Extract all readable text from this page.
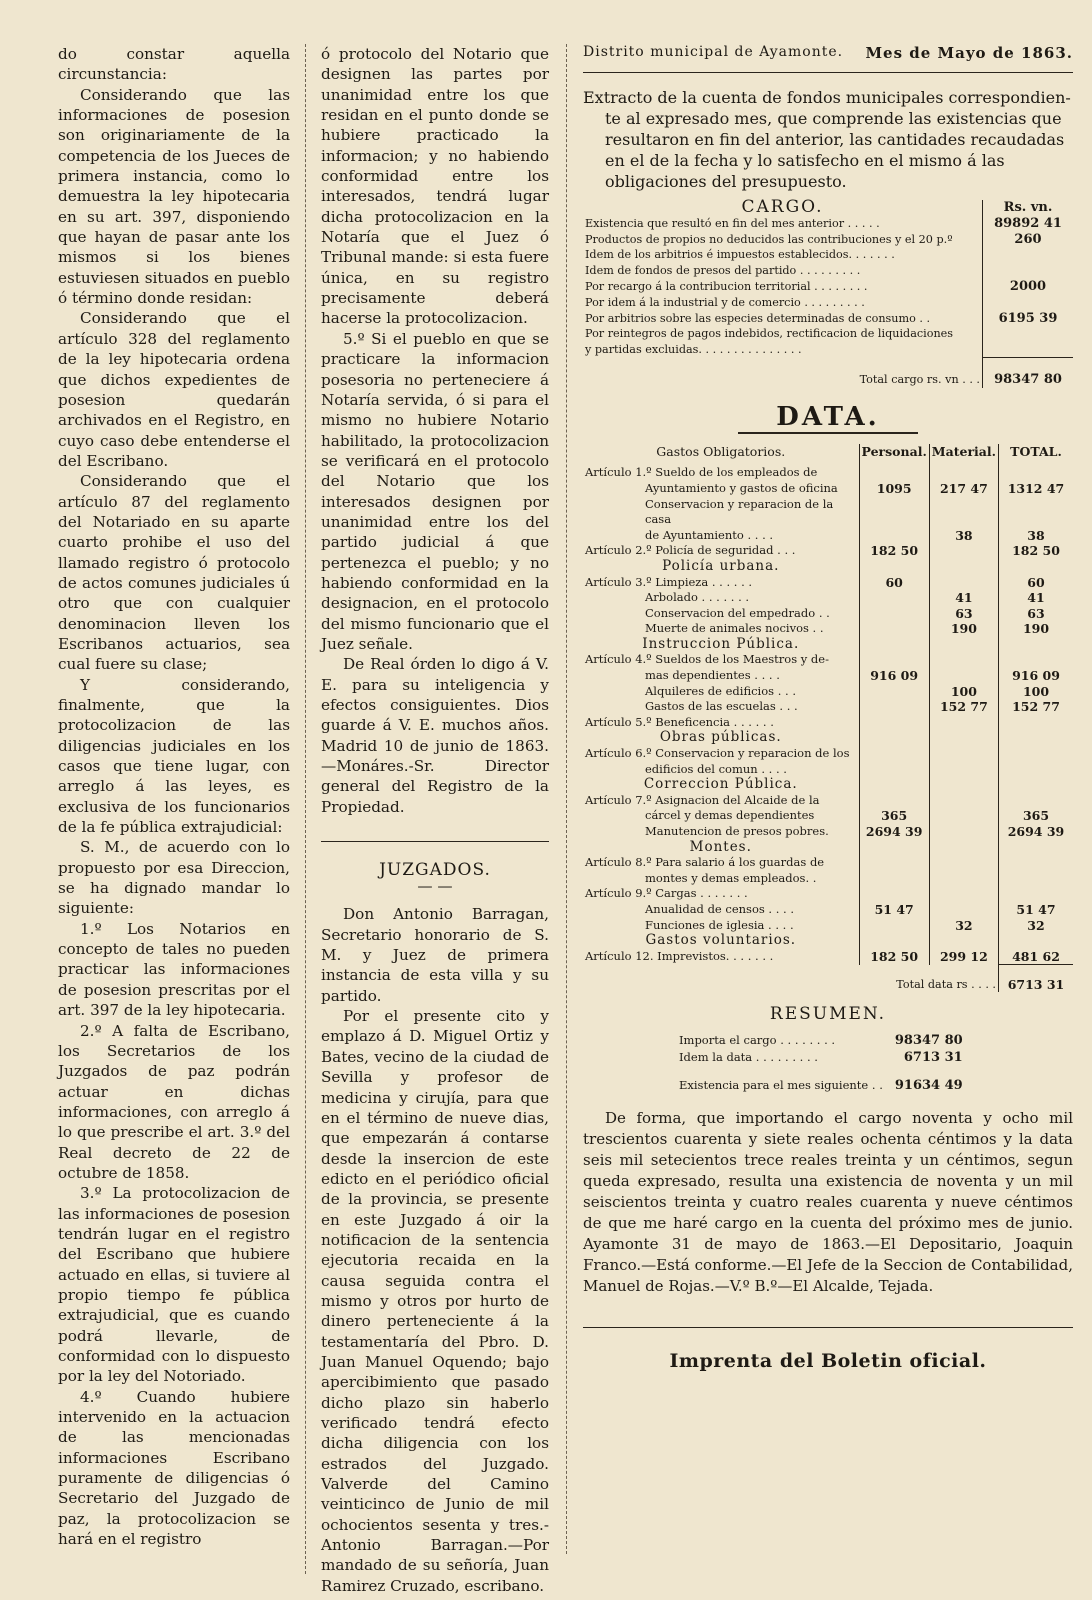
do constar aquella circunstancia:

Considerando que las informaciones de posesion son originariamente de la competencia de los Jueces de primera instancia, como lo demuestra la ley hipotecaria en su art. 397, disponiendo que hayan de pasar ante los mismos si los bienes estuviesen situados en pueblo ó término donde residan:

Considerando que el artículo 328 del reglamento de la ley hipotecaria ordena que dichos expedientes de posesion quedarán archivados en el Registro, en cuyo caso debe entenderse el del Escribano.

Considerando que el artículo 87 del reglamento del Notariado en su aparte cuarto prohibe el uso del llamado registro ó protocolo de actos comunes judiciales ú otro que con cualquier denominacion lleven los Escribanos actuarios, sea cual fuere su clase;

Y considerando, finalmente, que la protocolizacion de las diligencias judiciales en los casos que tiene lugar, con arreglo á las leyes, es exclusiva de los funcionarios de la fe pública extrajudicial:

S. M., de acuerdo con lo propuesto por esa Direccion, se ha dignado mandar lo siguiente:

1.º Los Notarios en concepto de tales no pueden practicar las informaciones de posesion prescritas por el art. 397 de la ley hipotecaria.

2.º A falta de Escribano, los Secretarios de los Juzgados de paz podrán actuar en dichas informaciones, con arreglo á lo que prescribe el art. 3.º del Real decreto de 22 de octubre de 1858.

3.º La protocolizacion de las informaciones de posesion tendrán lugar en el registro del Escribano que hubiere actuado en ellas, si tuviere al propio tiempo fe pública extrajudicial, que es cuando podrá llevarle, de conformidad con lo dispuesto por la ley del Notoriado.

4.º Cuando hubiere intervenido en la actuacion de las mencionadas informaciones Escribano puramente de diligencias ó Secretario del Juzgado de paz, la protocolizacion se hará en el registro

ó protocolo del Notario que designen las partes por unanimidad entre los que residan en el punto donde se hubiere practicado la informacion; y no habiendo conformidad entre los interesados, tendrá lugar dicha protocolizacion en la Notaría que el Juez ó Tribunal mande: si esta fuere única, en su registro precisamente deberá hacerse la protocolizacion.

5.º Si el pueblo en que se practicare la informacion posesoria no perteneciere á Notaría servida, ó si para el mismo no hubiere Notario habilitado, la protocolizacion se verificará en el protocolo del Notario que los interesados designen por unanimidad entre los del partido judicial á que pertenezca el pueblo; y no habiendo conformidad en la designacion, en el protocolo del mismo funcionario que el Juez señale.

De Real órden lo digo á V. E. para su inteligencia y efectos consiguientes. Dios guarde á V. E. muchos años. Madrid 10 de junio de 1863. —Monáres.-Sr. Director general del Registro de la Propiedad.

JUZGADOS.

— —

Don Antonio Barragan, Secretario honorario de S. M. y Juez de primera instancia de esta villa y su partido.

Por el presente cito y emplazo á D. Miguel Ortiz y Bates, vecino de la ciudad de Sevilla y profesor de medicina y cirujía, para que en el término de nueve dias, que empezarán á contarse desde la insercion de este edicto en el periódico oficial de la provincia, se presente en este Juzgado á oir la notificacion de la sentencia ejecutoria recaida en la causa seguida contra el mismo y otros por hurto de dinero perteneciente á la testamentaría del Pbro. D. Juan Manuel Oquendo; bajo apercibimiento que pasado dicho plazo sin haberlo verificado tendrá efecto dicha diligencia con los estrados del Juzgado. Valverde del Camino veinticinco de Junio de mil ochocientos sesenta y tres.-Antonio Barragan.—Por mandado de su señoría, Juan Ramirez Cruzado, escribano.

Distrito municipal de Ayamonte. Mes de Mayo de 1863.
Extracto de la cuenta de fondos municipales correspondien-
te al expresado mes, que comprende las existencias que resultaron en fin del anterior, las cantidades recaudadas en el de la fecha y lo satisfecho en el mismo á las obligaciones del presupuesto.
CARGO.	Rs. vn.
Existencia que resultó en fin del mes anterior . . . . .	89892 41
Productos de propios no deducidos las contribuciones y el 20 p.º	260
Idem de los arbitrios é impuestos establecidos. . . . . . .	
Idem de fondos de presos del partido . . . . . . . . .	
Por recargo á la contribucion territorial . . . . . . . .	2000
Por idem á la industrial y de comercio . . . . . . . . .	
Por arbitrios sobre las especies determinadas de consumo . .	6195 39
Por reintegros de pagos indebidos, rectificacion de liquidaciones	
y partidas excluidas. . . . . . . . . . . . . . .	
Total cargo rs. vn . . .	98347 80
DATA.
Gastos Obligatorios.	Personal.	Material.	TOTAL.
Artículo 1.º Sueldo de los empleados de			
Ayuntamiento y gastos de oficina	1095	217 47	1312 47
Conservacion y reparacion de la casa			
de Ayuntamiento . . . .		38	38
Artículo 2.º Policía de seguridad . . .	182 50		182 50
Policía urbana.			
Artículo 3.º Limpieza . . . . . .	60		60
Arbolado . . . . . . .		41	41
Conservacion del empedrado . .		63	63
Muerte de animales nocivos . .		190	190
Instruccion Pública.			
Artículo 4.º Sueldos de los Maestros y de-			
mas dependientes . . . .	916 09		916 09
Alquileres de edificios . . .		100	100
Gastos de las escuelas . . .		152 77	152 77
Artículo 5.º Beneficencia . . . . . .			
Obras públicas.			
Artículo 6.º Conservacion y reparacion de los			
edificios del comun . . . .			
Correccion Pública.			
Artículo 7.º Asignacion del Alcaide de la			
cárcel y demas dependientes	365		365
Manutencion de presos pobres.	2694 39		2694 39
Montes.			
Artículo 8.º Para salario á los guardas de			
montes y demas empleados. .			
Artículo 9.º Cargas . . . . . . .			
Anualidad de censos . . . .	51 47		51 47
Funciones de iglesia . . . .		32	32
Gastos voluntarios.			
Artículo 12. Imprevistos. . . . . . .	182 50	299 12	481 62
Total data rs . . . .			6713 31
RESUMEN.
Importa el cargo . . . . . . . .	98347 80
Idem la data . . . . . . . . .	6713 31
Existencia para el mes siguiente . .	91634 49

De forma, que importando el cargo noventa y ocho mil trescientos cuarenta y siete reales ochenta céntimos y la data seis mil setecientos trece reales treinta y un céntimos, segun queda expresado, resulta una existencia de noventa y un mil seiscientos treinta y cuatro reales cuarenta y nueve céntimos de que me haré cargo en la cuenta del próximo mes de junio. Ayamonte 31 de mayo de 1863.—El Depositario, Joaquin Franco.—Está conforme.—El Jefe de la Seccion de Contabilidad, Manuel de Rojas.—V.º B.º—El Alcalde, Tejada.

Imprenta del Boletin oficial.
